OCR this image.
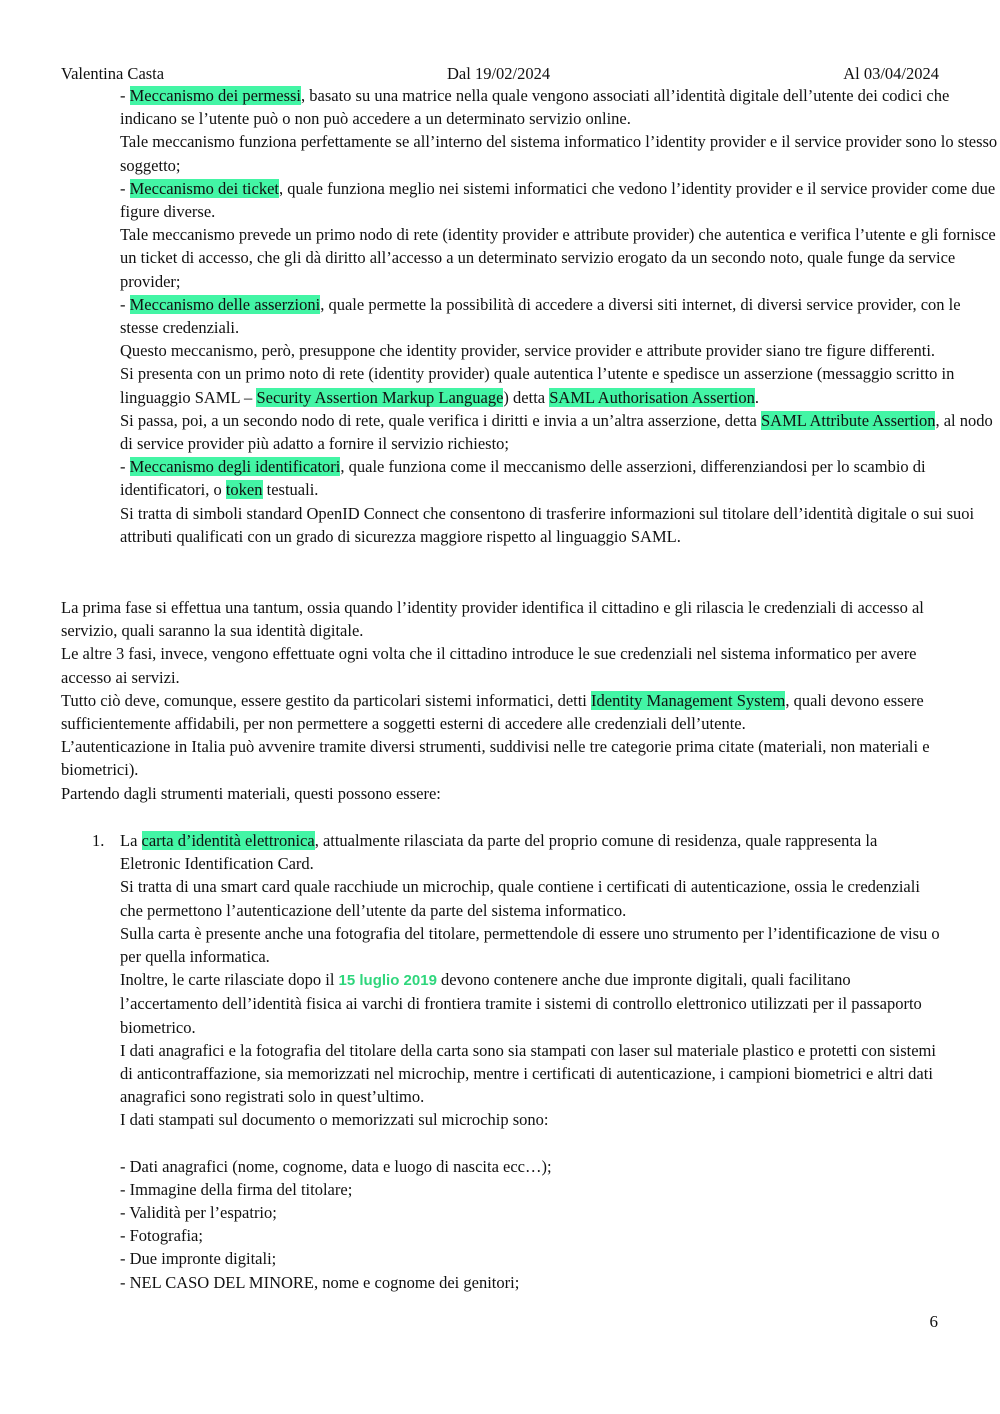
Valentina Casta	Dal 19/02/2024	Al 03/04/2024

- Meccanismo dei permessi, basato su una matrice nella quale vengono associati all’identità digitale dell’utente dei codici che indicano se l’utente può o non può accedere a un determinato servizio online.

Tale meccanismo funziona perfettamente se all’interno del sistema informatico l’identity provider e il service provider sono lo stesso soggetto;

- Meccanismo dei ticket, quale funziona meglio nei sistemi informatici che vedono l’identity provider e il service provider come due figure diverse.

Tale meccanismo prevede un primo nodo di rete (identity provider e attribute provider) che autentica e verifica l’utente e gli fornisce un ticket di accesso, che gli dà diritto all’accesso a un determinato servizio erogato da un secondo noto, quale funge da service provider;

- Meccanismo delle asserzioni, quale permette la possibilità di accedere a diversi siti internet, di diversi service provider, con le stesse credenziali.

Questo meccanismo, però, presuppone che identity provider, service provider e attribute provider siano tre figure differenti.

Si presenta con un primo noto di rete (identity provider) quale autentica l’utente e spedisce un asserzione (messaggio scritto in linguaggio SAML – Security Assertion Markup Language) detta SAML Authorisation Assertion.

Si passa, poi, a un secondo nodo di rete, quale verifica i diritti e invia a un’altra asserzione, detta SAML Attribute Assertion, al nodo di service provider più adatto a fornire il servizio richiesto;

- Meccanismo degli identificatori, quale funziona come il meccanismo delle asserzioni, differenziandosi per lo scambio di identificatori, o token testuali.

Si tratta di simboli standard OpenID Connect che consentono di trasferire informazioni sul titolare dell’identità digitale o sui suoi attributi qualificati con un grado di sicurezza maggiore rispetto al linguaggio SAML.

La prima fase si effettua una tantum, ossia quando l’identity provider identifica il cittadino e gli rilascia le credenziali di accesso al servizio, quali saranno la sua identità digitale.

Le altre 3 fasi, invece, vengono effettuate ogni volta che il cittadino introduce le sue credenziali nel sistema informatico per avere accesso ai servizi.

Tutto ciò deve, comunque, essere gestito da particolari sistemi informatici, detti Identity Management System, quali devono essere sufficientemente affidabili, per non permettere a soggetti esterni di accedere alle credenziali dell’utente.

L’autenticazione in Italia può avvenire tramite diversi strumenti, suddivisi nelle tre categorie prima citate (materiali, non materiali e biometrici).

Partendo dagli strumenti materiali, questi possono essere:

1. La carta d’identità elettronica, attualmente rilasciata da parte del proprio comune di residenza, quale rappresenta la Eletronic Identification Card.

Si tratta di una smart card quale racchiude un microchip, quale contiene i certificati di autenticazione, ossia le credenziali che permettono l’autenticazione dell’utente da parte del sistema informatico.

Sulla carta è presente anche una fotografia del titolare, permettendole di essere uno strumento per l’identificazione de visu o per quella informatica.

Inoltre, le carte rilasciate dopo il 15 luglio 2019 devono contenere anche due impronte digitali, quali facilitano l’accertamento dell’identità fisica ai varchi di frontiera tramite i sistemi di controllo elettronico utilizzati per il passaporto biometrico.

I dati anagrafici e la fotografia del titolare della carta sono sia stampati con laser sul materiale plastico e protetti con sistemi di anticontraffazione, sia memorizzati nel microchip, mentre i certificati di autenticazione, i campioni biometrici e altri dati anagrafici sono registrati solo in quest’ultimo.

I dati stampati sul documento o memorizzati sul microchip sono:

- Dati anagrafici (nome, cognome, data e luogo di nascita ecc…);

- Immagine della firma del titolare;

- Validità per l’espatrio;

- Fotografia;

- Due impronte digitali;

- NEL CASO DEL MINORE, nome e cognome dei genitori;

6
